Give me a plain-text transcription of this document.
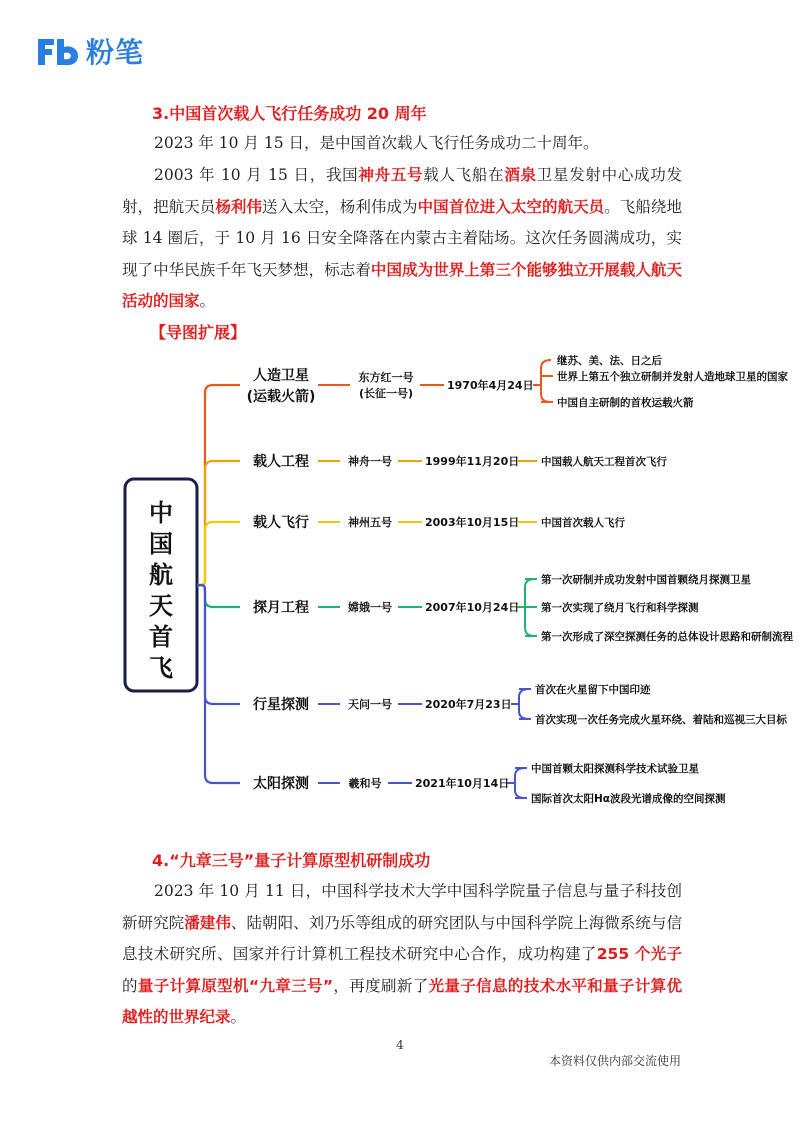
粉笔
3.中国首次载人飞行任务成功 20 周年
2023 年 10 月 15 日，是中国首次载人飞行任务成功二十周年。
2003 年 10 月 15 日，我国神舟五号载人飞船在酒泉卫星发射中心成功发射，把航天员杨利伟送入太空，杨利伟成为中国首位进入太空的航天员。飞船绕地球 14 圈后，于 10 月 16 日安全降落在内蒙古主着陆场。这次任务圆满成功，实现了中华民族千年飞天梦想，标志着中国成为世界上第三个能够独立开展载人航天活动的国家。
【导图扩展】
中
国
航
天
首
飞
人造卫星
(运载火箭)
东方红一号
(长征一号)
1970年4月24日
继苏、美、法、日之后
世界上第五个独立研制并发射人造地球卫星的国家
中国自主研制的首枚运载火箭
载人工程	神舟一号	1999年11月20日 中国载人航天工程首次飞行
载人飞行	神州五号	2003年10月15日 中国首次载人飞行
探月工程	嫦娥一号	2007年10月24日
第一次研制并成功发射中国首颗绕月探测卫星
第一次实现了绕月飞行和科学探测
第一次形成了深空探测任务的总体设计思路和研制流程
行星探测	天问一号	2020年7月23日
首次在火星留下中国印迹
首次实现一次任务完成火星环绕、着陆和巡视三大目标
太阳探测	羲和号	2021年10月14日
中国首颗太阳探测科学技术试验卫星
国际首次太阳Hα波段光谱成像的空间探测
4.“九章三号”量子计算原型机研制成功
2023 年 10 月 11 日，中国科学技术大学中国科学院量子信息与量子科技创新研究院潘建伟、陆朝阳、刘乃乐等组成的研究团队与中国科学院上海微系统与信息技术研究所、国家并行计算机工程技术研究中心合作，成功构建了255 个光子的量子计算原型机“九章三号”，再度刷新了光量子信息的技术水平和量子计算优越性的世界纪录。
4
本资料仅供内部交流使用
